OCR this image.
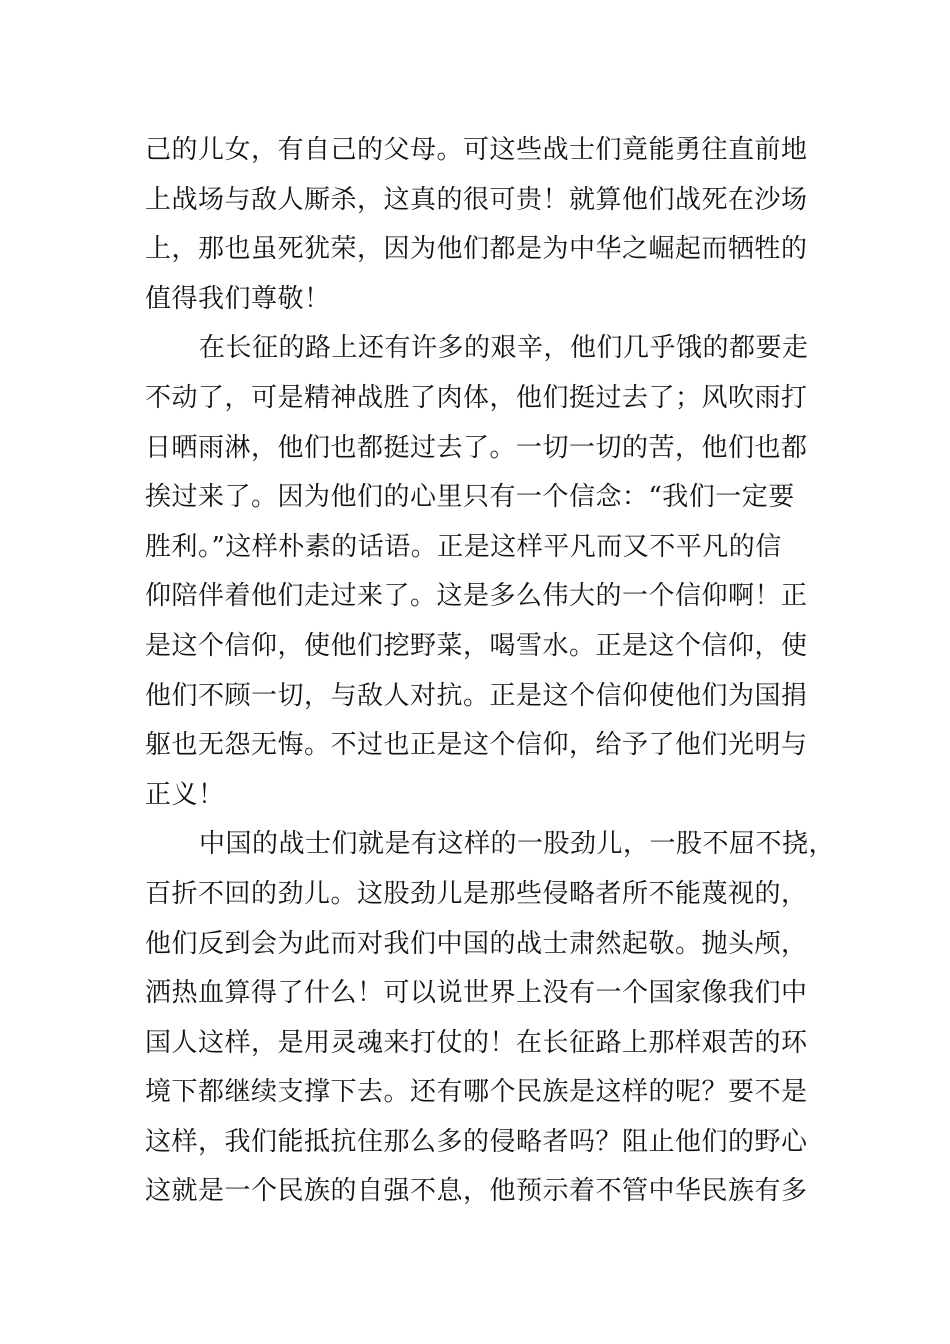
己的儿女，有自己的父母。可这些战士们竟能勇往直前地
上战场与敌人厮杀，这真的很可贵！就算他们战死在沙场
上，那也虽死犹荣，因为他们都是为中华之崛起而牺牲的
值得我们尊敬！
在长征的路上还有许多的艰辛，他们几乎饿的都要走
不动了，可是精神战胜了肉体，他们挺过去了；风吹雨打
日晒雨淋，他们也都挺过去了。一切一切的苦，他们也都
挨过来了。因为他们的心里只有一个信念：“我们一定要
胜利。”这样朴素的话语。正是这样平凡而又不平凡的信
仰陪伴着他们走过来了。这是多么伟大的一个信仰啊！正
是这个信仰，使他们挖野菜，喝雪水。正是这个信仰，使
他们不顾一切，与敌人对抗。正是这个信仰使他们为国捐
躯也无怨无悔。不过也正是这个信仰，给予了他们光明与
正义！
中国的战士们就是有这样的一股劲儿，一股不屈不挠，
百折不回的劲儿。这股劲儿是那些侵略者所不能蔑视的，
他们反到会为此而对我们中国的战士肃然起敬。抛头颅，
洒热血算得了什么！可以说世界上没有一个国家像我们中
国人这样，是用灵魂来打仗的！在长征路上那样艰苦的环
境下都继续支撑下去。还有哪个民族是这样的呢？要不是
这样，我们能抵抗住那么多的侵略者吗？阻止他们的野心
这就是一个民族的自强不息，他预示着不管中华民族有多
